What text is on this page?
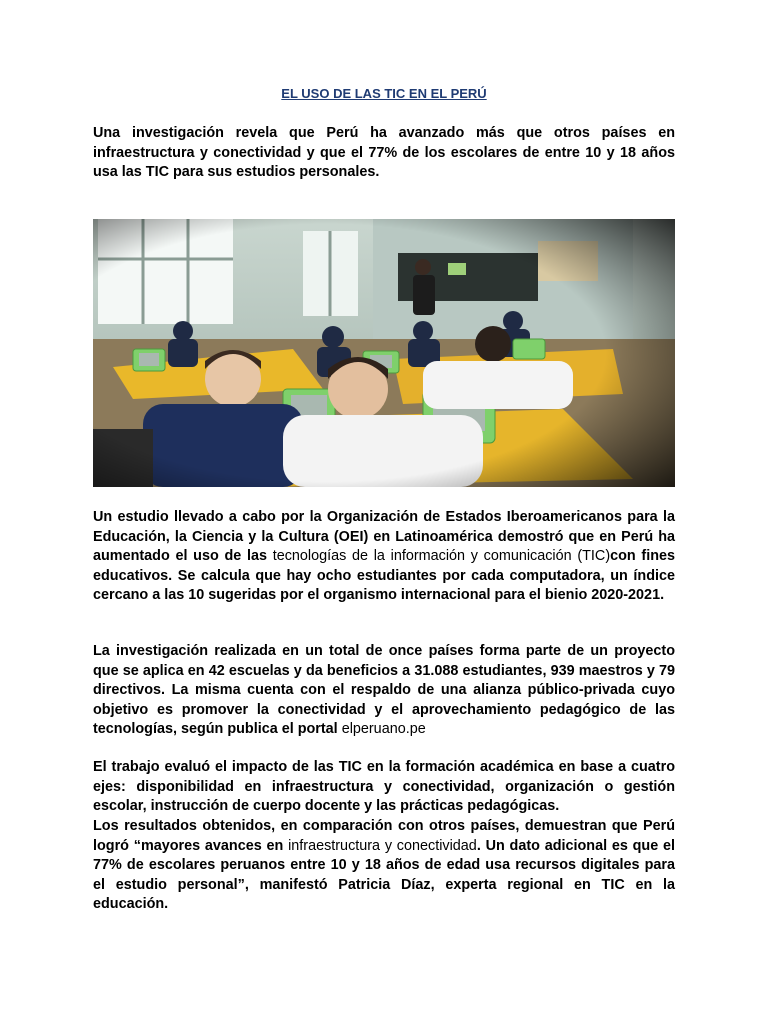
EL USO DE LAS TIC EN EL PERÚ

Una investigación revela que Perú ha avanzado más que otros países en infraestructura y conectividad y que el 77% de los escolares de entre 10 y 18 años usa las TIC para sus estudios personales.

Un estudio llevado a cabo por la Organización de Estados Iberoamericanos para la Educación, la Ciencia y la Cultura (OEI) en Latinoamérica demostró que en Perú ha aumentado el uso de las tecnologías de la información y comunicación (TIC)con fines educativos. Se calcula que hay ocho estudiantes por cada computadora, un índice cercano a las 10 sugeridas por el organismo internacional para el bienio 2020-2021.

La investigación realizada en un total de once países forma parte de un proyecto que se aplica en 42 escuelas y da beneficios a 31.088 estudiantes, 939 maestros y 79 directivos. La misma cuenta con el respaldo de una alianza público-privada cuyo objetivo es promover la conectividad y el aprovechamiento pedagógico de las tecnologías, según publica el portal elperuano.pe

El trabajo evaluó el impacto de las TIC en la formación académica en base a cuatro ejes: disponibilidad en infraestructura y conectividad, organización o gestión escolar, instrucción de cuerpo docente y las prácticas pedagógicas.

Los resultados obtenidos, en comparación con otros países, demuestran que Perú logró “mayores avances en infraestructura y conectividad. Un dato adicional es que el 77% de escolares peruanos entre 10 y 18 años de edad usa recursos digitales para el estudio personal”, manifestó Patricia Díaz, experta regional en TIC en la educación.
